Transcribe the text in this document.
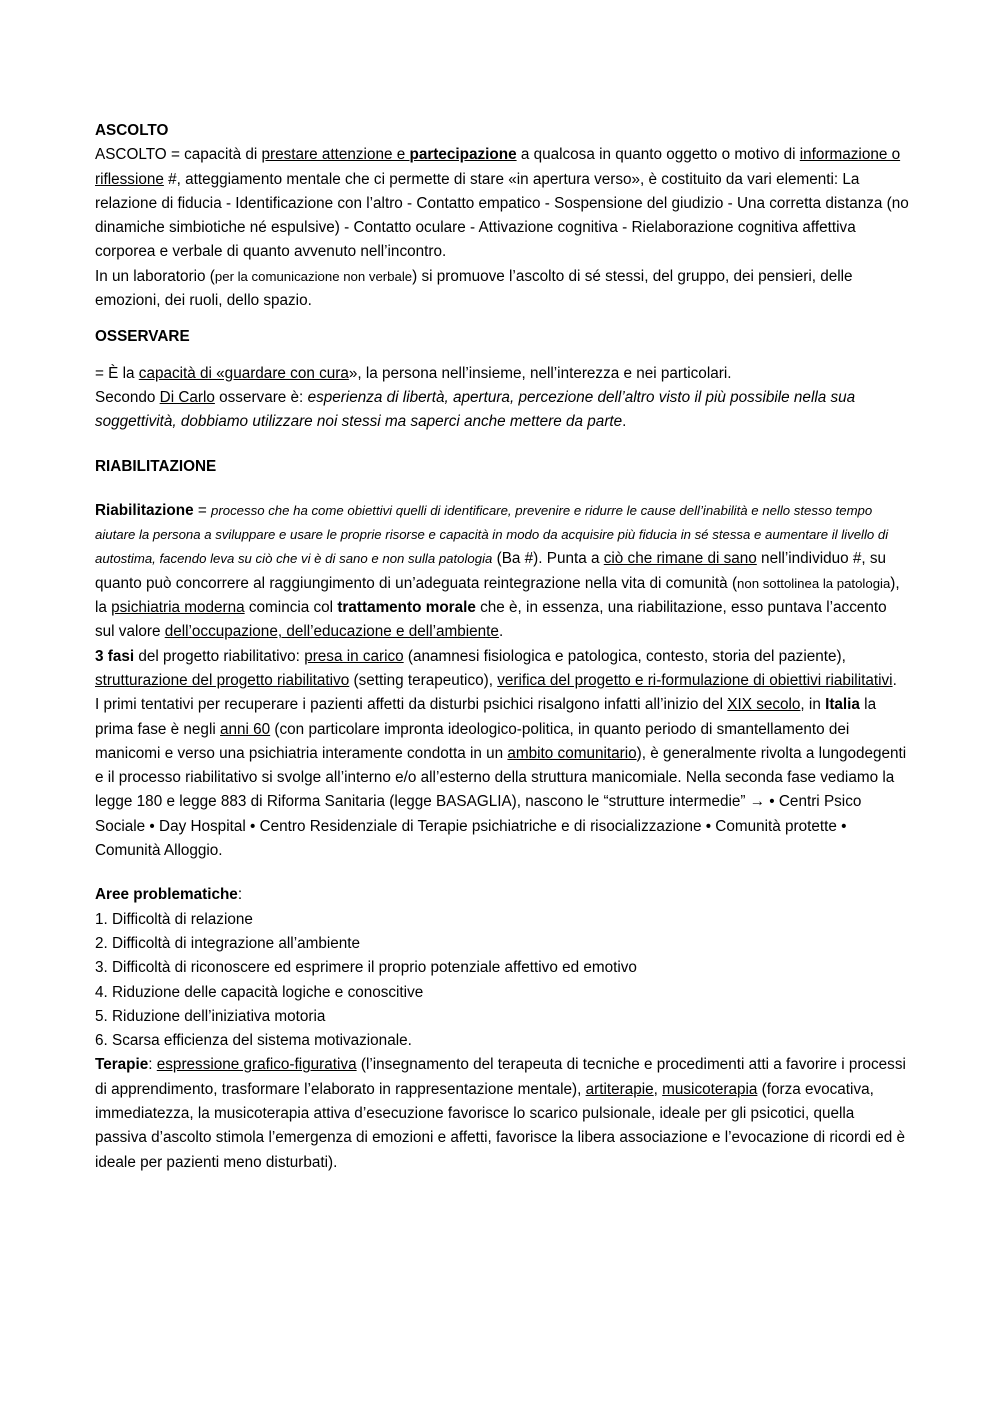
ASCOLTO

ASCOLTO = capacità di prestare attenzione e partecipazione a qualcosa in quanto oggetto o motivo di informazione o riflessione #, atteggiamento mentale che ci permette di stare «in apertura verso», è costituito da vari elementi: La relazione di fiducia - Identificazione con l’altro - Contatto empatico - Sospensione del giudizio - Una corretta distanza (no dinamiche simbiotiche né espulsive) - Contatto oculare - Attivazione cognitiva - Rielaborazione cognitiva affettiva corporea e verbale di quanto avvenuto nell’incontro.

In un laboratorio (per la comunicazione non verbale) si promuove l’ascolto di sé stessi, del gruppo, dei pensieri, delle emozioni, dei ruoli, dello spazio.

OSSERVARE

= È la capacità di «guardare con cura», la persona nell’insieme, nell’interezza e nei particolari.

Secondo Di Carlo osservare è: esperienza di libertà, apertura, percezione dell’altro visto il più possibile nella sua soggettività, dobbiamo utilizzare noi stessi ma saperci anche mettere da parte.

RIABILITAZIONE

Riabilitazione = processo che ha come obiettivi quelli di identificare, prevenire e ridurre le cause dell’inabilità e nello stesso tempo aiutare la persona a sviluppare e usare le proprie risorse e capacità in modo da acquisire più fiducia in sé stessa e aumentare il livello di autostima, facendo leva su ciò che vi è di sano e non sulla patologia (Ba #). Punta a ciò che rimane di sano nell’individuo #, su quanto può concorrere al raggiungimento di un’adeguata reintegrazione nella vita di comunità (non sottolinea la patologia), la psichiatria moderna comincia col trattamento morale che è, in essenza, una riabilitazione, esso puntava l’accento sul valore dell’occupazione, dell’educazione e dell’ambiente.

3 fasi del progetto riabilitativo: presa in carico (anamnesi fisiologica e patologica, contesto, storia del paziente), strutturazione del progetto riabilitativo (setting terapeutico), verifica del progetto e ri-formulazione di obiettivi riabilitativi.

I primi tentativi per recuperare i pazienti affetti da disturbi psichici risalgono infatti all’inizio del XIX secolo, in Italia la prima fase è negli anni 60 (con particolare impronta ideologico-politica, in quanto periodo di smantellamento dei manicomi e verso una psichiatria interamente condotta in un ambito comunitario), è generalmente rivolta a lungodegenti e il processo riabilitativo si svolge all’interno e/o all’esterno della struttura manicomiale. Nella seconda fase vediamo la legge 180 e legge 883 di Riforma Sanitaria (legge BASAGLIA), nascono le “strutture intermedie” → • Centri Psico Sociale • Day Hospital • Centro Residenziale di Terapie psichiatriche e di risocializzazione • Comunità protette • Comunità Alloggio.

Aree problematiche:

1. Difficoltà di relazione

2. Difficoltà di integrazione all’ambiente

3. Difficoltà di riconoscere ed esprimere il proprio potenziale affettivo ed emotivo

4. Riduzione delle capacità logiche e conoscitive

5. Riduzione dell’iniziativa motoria

6. Scarsa efficienza del sistema motivazionale.

Terapie: espressione grafico-figurativa (l’insegnamento del terapeuta di tecniche e procedimenti atti a favorire i processi di apprendimento, trasformare l’elaborato in rappresentazione mentale), artiterapie, musicoterapia (forza evocativa, immediatezza, la musicoterapia attiva d’esecuzione favorisce lo scarico pulsionale, ideale per gli psicotici, quella passiva d’ascolto stimola l’emergenza di emozioni e affetti, favorisce la libera associazione e l’evocazione di ricordi ed è ideale per pazienti meno disturbati).
